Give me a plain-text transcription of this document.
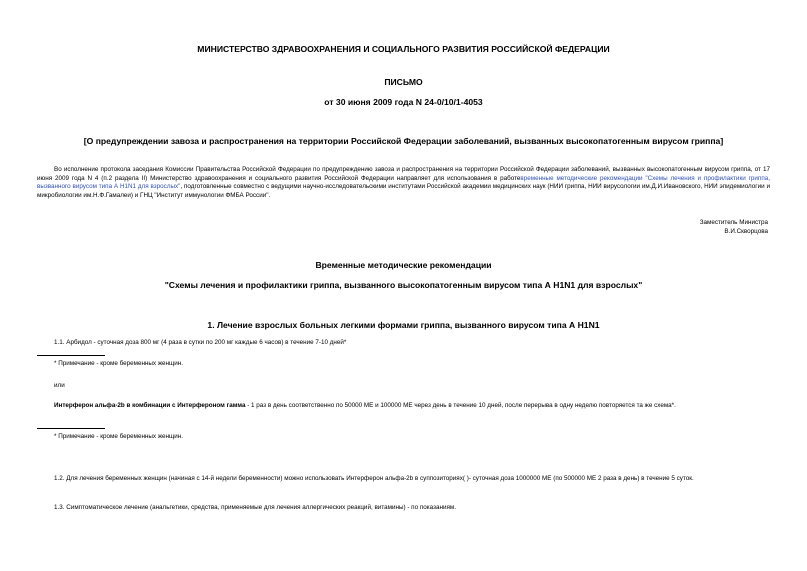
МИНИСТЕРСТВО ЗДРАВООХРАНЕНИЯ И СОЦИАЛЬНОГО РАЗВИТИЯ РОССИЙСКОЙ ФЕДЕРАЦИИ
ПИСЬМО
от 30 июня 2009 года N 24-0/10/1-4053
[О предупреждении завоза и распространения на территории Российской Федерации заболеваний, вызванных высокопатогенным вирусом гриппа]
Во исполнение протокола заседания Комиссии Правительства Российской Федерации по предупреждению завоза и распространения на территории Российской Федерации заболеваний, вызванных высокопатогенным вирусом гриппа, от 17 июня 2009 года N 4 (п.2 раздела II) Министерство здравоохранения и социального развития Российской Федерации направляет для использования в работевременные методические рекомендации "Схемы лечения и профилактики гриппа, вызванного вирусом типа А H1N1 для взрослых", подготовленные совместно с ведущими научно-исследовательскими институтами Российской академии медицинских наук (НИИ гриппа, НИИ вирусологии им.Д.И.Ивановского, НИИ эпидемиологии и микробиологии им.Н.Ф.Гамалеи) и ГНЦ "Институт иммунологии ФМБА России".
Заместитель Министра
В.И.Скворцова
Временные методические рекомендации
"Схемы лечения и профилактики гриппа, вызванного высокопатогенным вирусом типа А H1N1 для взрослых"
1. Лечение взрослых больных легкими формами гриппа, вызванного вирусом типа А H1N1
1.1. Арбидол - суточная доза 800 мг (4 раза в сутки по 200 мг каждые 6 часов) в течение 7-10 дней*
* Примечание - кроме беременных женщин.
или
Интерферон альфа-2b в комбинации с Интерфероном гамма - 1 раз в день соответственно по 50000 МЕ и 100000 МЕ через день в течение 10 дней, после перерыва в одну неделю повторяется та же схема*.
* Примечание - кроме беременных женщин.
1.2. Для лечения беременных женщин (начиная с 14-й недели беременности) можно использовать Интерферон альфа-2b в суппозиториях( )- суточная доза 1000000 МЕ (по 500000 МЕ 2 раза в день) в течение 5 суток.
1.3. Симптоматическое лечение (анальгетики, средства, применяемые для лечения аллергических реакций, витамины) - по показаниям.
